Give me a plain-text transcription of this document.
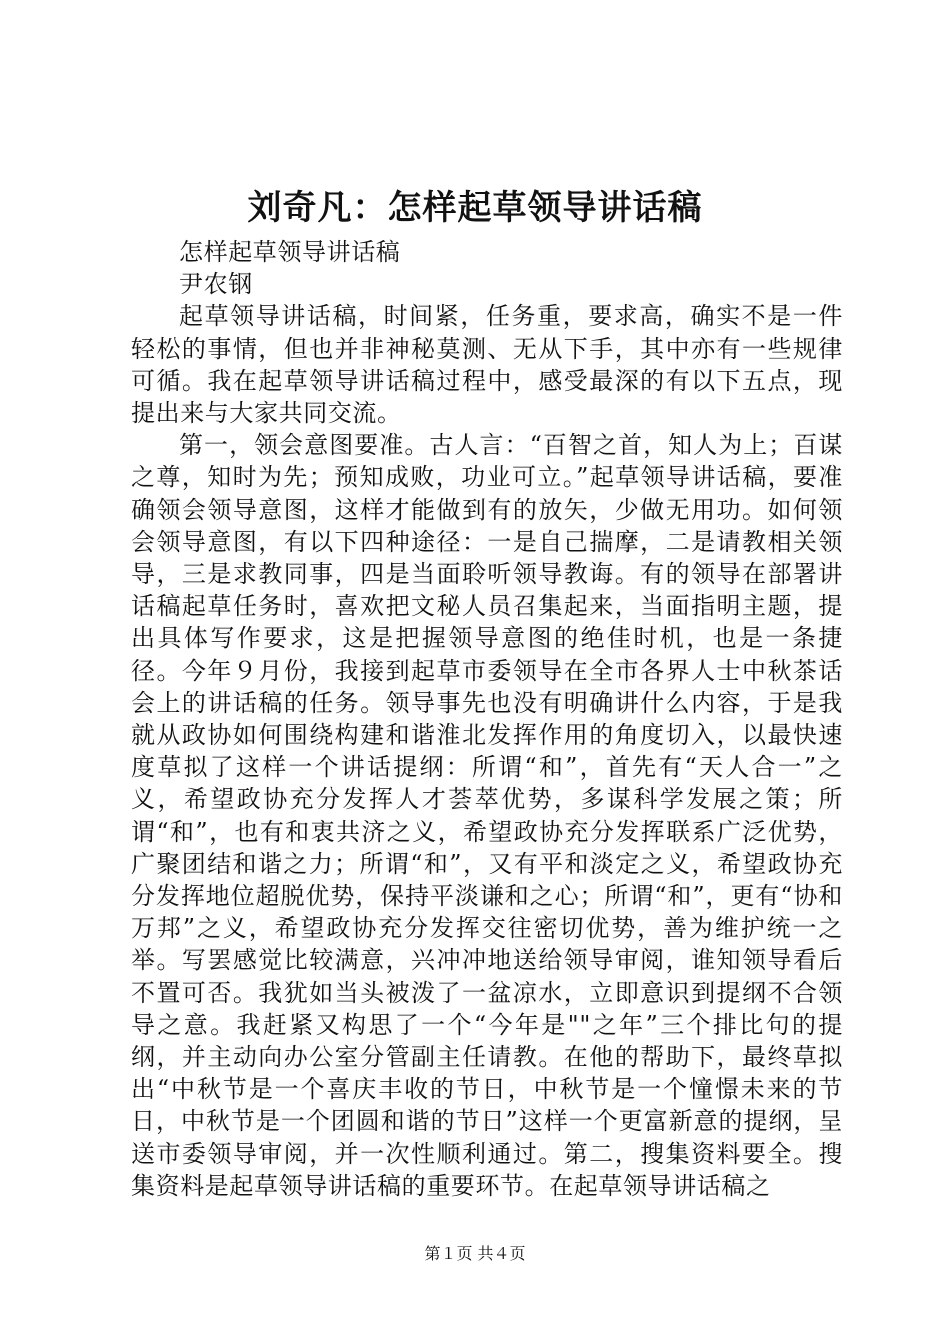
刘奇凡：怎样起草领导讲话稿

怎样起草领导讲话稿

尹农钢

起草领导讲话稿，时间紧，任务重，要求高，确实不是一件轻松的事情，但也并非神秘莫测、无从下手，其中亦有一些规律可循。我在起草领导讲话稿过程中，感受最深的有以下五点，现提出来与大家共同交流。

第一，领会意图要准。古人言：“百智之首，知人为上；百谋之尊，知时为先；预知成败，功业可立。”起草领导讲话稿，要准确领会领导意图，这样才能做到有的放矢，少做无用功。如何领会领导意图，有以下四种途径：一是自己揣摩，二是请教相关领导，三是求教同事，四是当面聆听领导教诲。有的领导在部署讲话稿起草任务时，喜欢把文秘人员召集起来，当面指明主题，提出具体写作要求，这是把握领导意图的绝佳时机，也是一条捷径。今年９月份，我接到起草市委领导在全市各界人士中秋茶话会上的讲话稿的任务。领导事先也没有明确讲什么内容，于是我就从政协如何围绕构建和谐淮北发挥作用的角度切入，以最快速度草拟了这样一个讲话提纲：所谓“和”，首先有“天人合一”之义，希望政协充分发挥人才荟萃优势，多谋科学发展之策；所谓“和”，也有和衷共济之义，希望政协充分发挥联系广泛优势，广聚团结和谐之力；所谓“和”，又有平和淡定之义，希望政协充分发挥地位超脱优势，保持平淡谦和之心；所谓“和”，更有“协和万邦”之义，希望政协充分发挥交往密切优势，善为维护统一之举。写罢感觉比较满意，兴冲冲地送给领导审阅，谁知领导看后不置可否。我犹如当头被泼了一盆凉水，立即意识到提纲不合领导之意。我赶紧又构思了一个“今年是""之年”三个排比句的提纲，并主动向办公室分管副主任请教。在他的帮助下，最终草拟出“中秋节是一个喜庆丰收的节日，中秋节是一个憧憬未来的节日，中秋节是一个团圆和谐的节日”这样一个更富新意的提纲，呈送市委领导审阅，并一次性顺利通过。第二，搜集资料要全。搜集资料是起草领导讲话稿的重要环节。在起草领导讲话稿之

第１页 共４页
